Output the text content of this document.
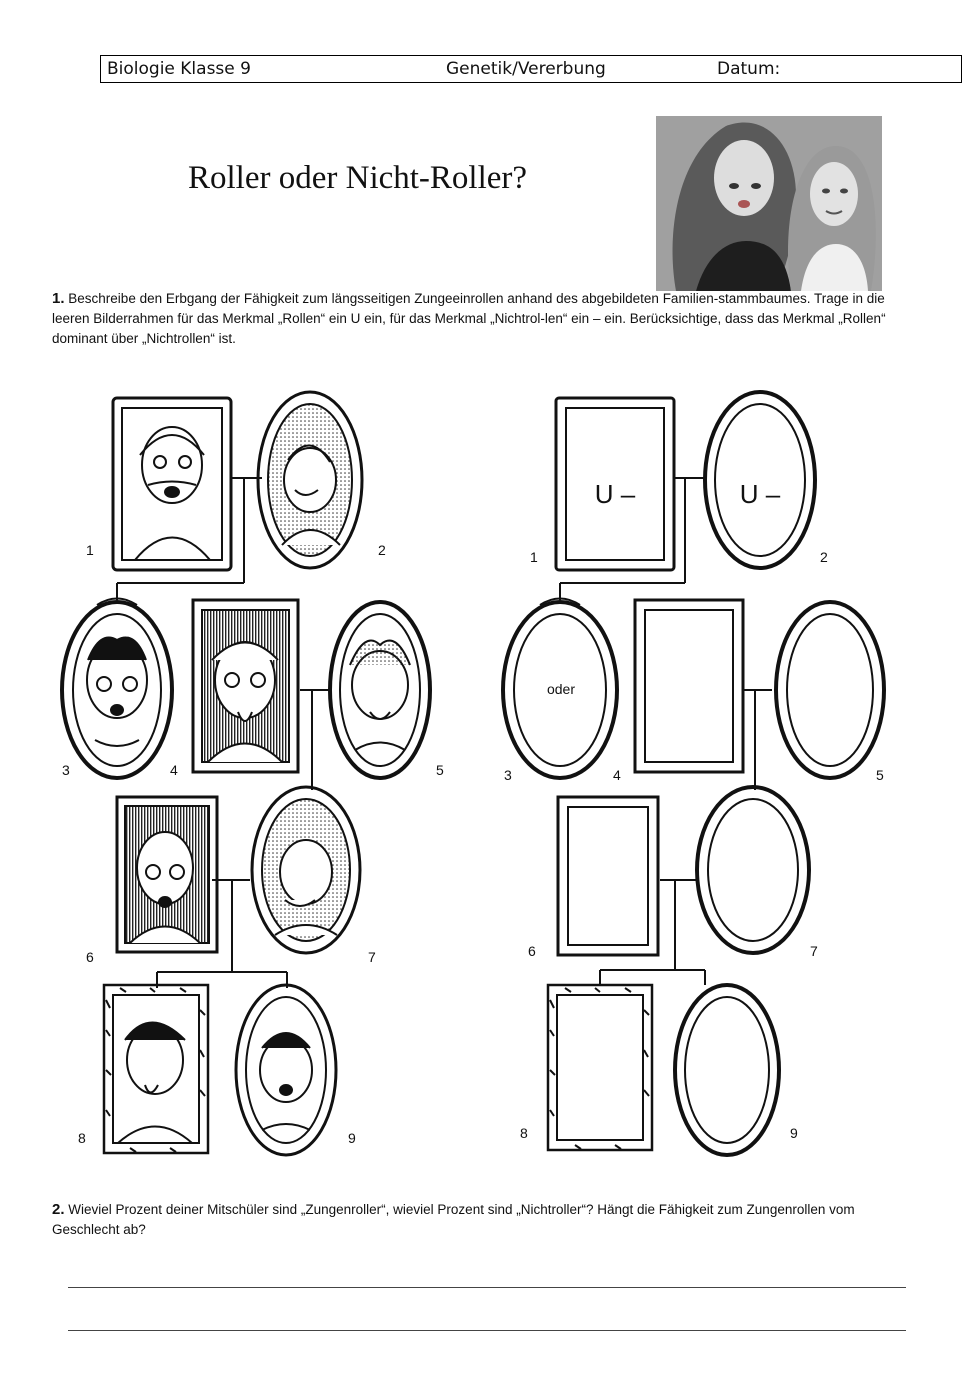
Biologie Klasse 9	Genetik/Vererbung	Datum:
Roller oder Nicht-Roller?
1. Beschreibe den Erbgang der Fähigkeit zum längsseitigen Zungeeinrollen anhand des abgebildeten Familien-stammbaumes. Trage in die leeren Bilderrahmen für das Merkmal „Rollen“ ein U ein, für das Merkmal „Nichtrol-len“ ein – ein. Berücksichtige, dass das Merkmal „Rollen“ dominant über „Nichtrollen“ ist.
1	2
3	4	5
6	7
8	9
1	2
3	4	5
6	7
8	9
U –	U –
oder
2. Wieviel Prozent deiner Mitschüler sind „Zungenroller“, wieviel Prozent sind „Nichtroller“? Hängt die Fähigkeit zum Zungenrollen vom Geschlecht ab?
